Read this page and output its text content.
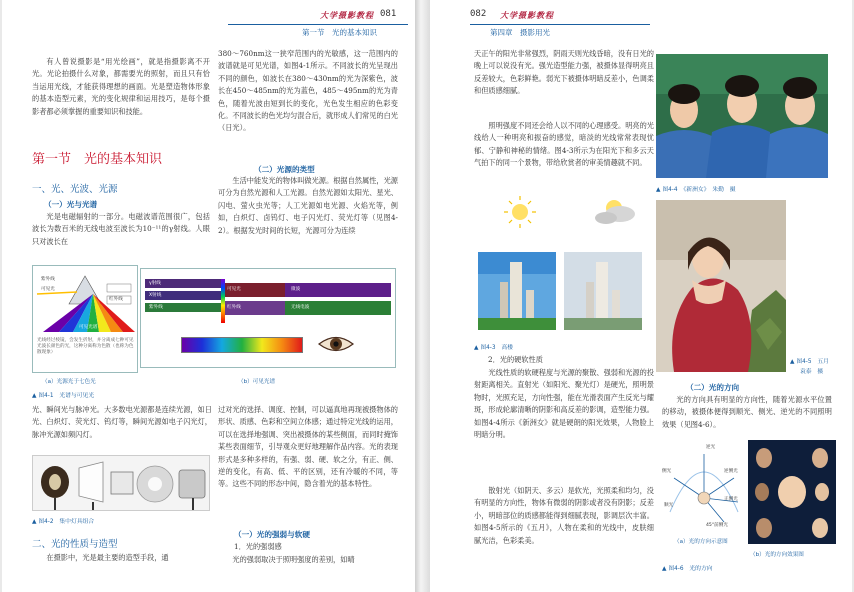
大学摄影教程 081
第一节　光的基本知识
有人曾说摄影是“用光绘画”，就是指摄影离不开光。光论拍摄什么对象，都需要光的照射，而且只有恰当运用光线，才能获得理想的画面。光是塑造物体形象的基本造型元素，光的变化规律和运用技巧，是每个摄影者都必须掌握的重要知识和技能。
第一节　光的基本知识
一、光、光波、光源
（一）光与光谱
光是电磁辐射的一部分。电磁波谱范围很广，包括波长为数百米的无线电波至波长为10⁻¹¹的γ射线。人眼只对波长在
380～760nm这一狭窄范围内的光敏感，这一范围内的波谱就是可见光谱，如图4-1所示。不同波长的光呈现出不同的颜色，如波长在380～430nm的光为深紫色，波长在450～485nm的光为蓝色，485～495nm的光为青色，随着光波由短到长的变化，光色发生相应的色彩变化。不同波长的色光均匀混合后，就形成人们常见的白光（日光）。
（二）光源的类型
生活中能发光的物体叫做光源。根据自然属性，光源可分为自然光源和人工光源。自然光源如太阳光、星光、闪电、萤火虫光等；人工光源如电光源、火焰光等，例如，白炽灯、卤钨灯、电子闪光灯、荧光灯等（见图4-2）。根据发光时间的长短，光源可分为连续
紫外线
可见光
红外线
可见光谱
光线经过棱镜，会发生折射，并分离成七种可见光波长颜色的光，这种分离称为色散（也称为色散现象）
γ射线
X射线
紫外线
可见光
红外线
微波
无线电波
（a）光源光于七色光	（b）可见光谱
▲ 图4-1　光谱与可见光
光、瞬间光与脉冲光。大多数电光源都是连续光源，如日光、白炽灯、荧光灯、钨灯等，瞬间光源如电子闪光灯，脉冲光源如频闪灯。
▲ 图4-2　集中灯具组合
二、光的性质与造型
在摄影中，光是最主要的造型手段，通
过对光的选择、调度、控制，可以逼真地再现被摄物体的形状、质感、色彩和空间立体感；通过特定光线的运用，可以在选择地强调、突出被摄体的某些侧面，而同时掩饰某些表面细节，引导观众更好地理解作品内容。光的表现形式是多种多样的，有强、弱、硬、软之分，有正、侧、逆的变化，有高、低、平的区别，还有冷暖的不同，等等。这些不同的形态中间，隐含着光的基本特性。
（一）光的强弱与软硬
1．光的强弱感
光的强弱取决于照明强度的差别，如晴
082 大学摄影教程
第四章　摄影用光
天正午的阳光非常强烈，阴雨天则光线昏暗，没有日光的晚上可以说没有光。强光造型能力强，被摄体显得明亮且反差较大，色彩鲜艳。弱光下被摄体明暗反差小，色调柔和但质感细腻。
照明强度不同还会给人以不同的心理感受。明亮的光线给人一种明亮和振奋的感觉，暗淡的光线常常表现忧郁、宁静和神秘的情绪。图4-3所示为在阳光下和多云天气拍下的同一个景物，带给欣赏者的审美情趣就不同。
▲ 图4-3　高楼
2．光的硬软性质
光线性质的软硬程度与光源的聚散、强弱和光源的投射距离相关。直射光（如阳光、聚光灯）是硬光，照明景物时，光照充足，方向性强，能在光滑表面产生反光与耀斑，形成轮廓清晰的阴影和高反差的影调，造型能力强。如图4-4所示《新洲女》就是硬朗的阳光效果，人物脸上明暗分明。
散射光（如阴天、多云）是软光，光照柔和均匀，没有明显的方向性，物体有微弱的阴影或者没有阴影；反差小，明暗部位的质感都能得到细腻表现，影调层次丰富。如图4-5所示的《五月》，人物在柔和的光线中，皮肤细腻光洁，色彩柔美。
▲ 图4-4　《新洲女》　朱勤　摄
▲ 图4-5　五月
袁泰　摄
（二）光的方向
光的方向具有明显的方向性，随着光源水平位置的移动，被摄体便得到顺光、侧光、逆光的不同照明效果（见图4-6）。
逆光
侧光	逆侧光
正侧光
顺光
45°前侧光
（a）光的方向示意图
（b）光的方向效果图
▲ 图4-6　光的方向
